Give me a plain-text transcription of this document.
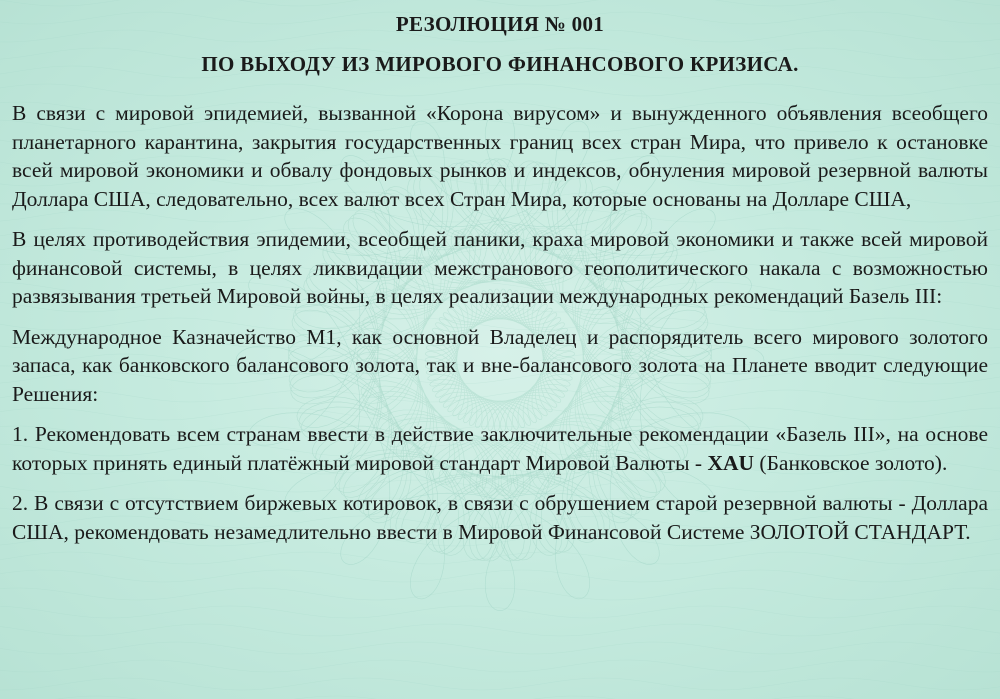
РЕЗОЛЮЦИЯ № 001

ПО ВЫХОДУ ИЗ МИРОВОГО ФИНАНСОВОГО КРИЗИСА.

В связи с мировой эпидемией, вызванной «Корона вирусом» и вынужденного объявления всеобщего планетарного карантина, закрытия государственных границ всех стран Мира, что привело к остановке всей мировой экономики и обвалу фондовых рынков и индексов, обнуления мировой резервной валюты Доллара США, следовательно, всех валют всех Стран Мира, которые основаны на Долларе США,

В целях противодействия эпидемии, всеобщей паники, краха мировой экономики и также всей мировой финансовой системы, в целях ликвидации межстранового геополитического накала с возможностью развязывания третьей Мировой войны, в целях реализации международных рекомендаций Базель III:

Международное Казначейство М1, как основной Владелец и распорядитель всего мирового золотого запаса, как банковского балансового золота, так и вне-балансового золота на Планете вводит следующие Решения:

1. Рекомендовать всем странам ввести в действие заключительные рекомендации «Базель III», на основе которых принять единый платёжный мировой стандарт Мировой Валюты - XAU (Банковское золото).

2. В связи с отсутствием биржевых котировок, в связи с обрушением старой резервной валюты - Доллара США, рекомендовать незамедлительно ввести в Мировой Финансовой Системе ЗОЛОТОЙ СТАНДАРТ.
